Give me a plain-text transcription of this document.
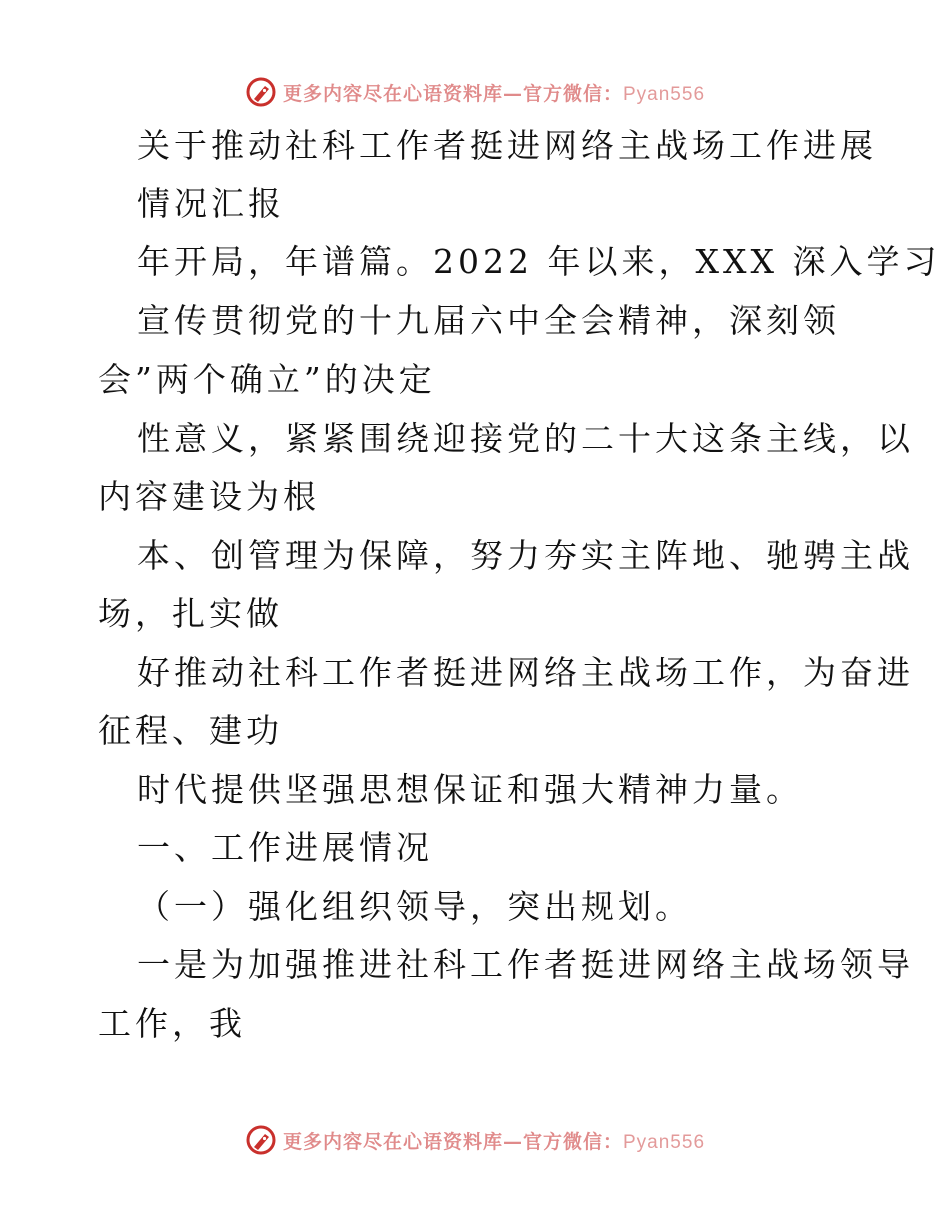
更多内容尽在心语资料库—官方微信：Pyan556
关于推动社科工作者挺进网络主战场工作进展
情况汇报
年开局，年谱篇。2022 年以来，XXX 深入学习
宣传贯彻党的十九届六中全会精神，深刻领
会”两个确立”的决定
性意义，紧紧围绕迎接党的二十大这条主线，以
内容建设为根
本、创管理为保障，努力夯实主阵地、驰骋主战
场，扎实做
好推动社科工作者挺进网络主战场工作，为奋进
征程、建功
时代提供坚强思想保证和强大精神力量。
一、工作进展情况
（一）强化组织领导，突出规划。
一是为加强推进社科工作者挺进网络主战场领导
工作，我
更多内容尽在心语资料库—官方微信：Pyan556
